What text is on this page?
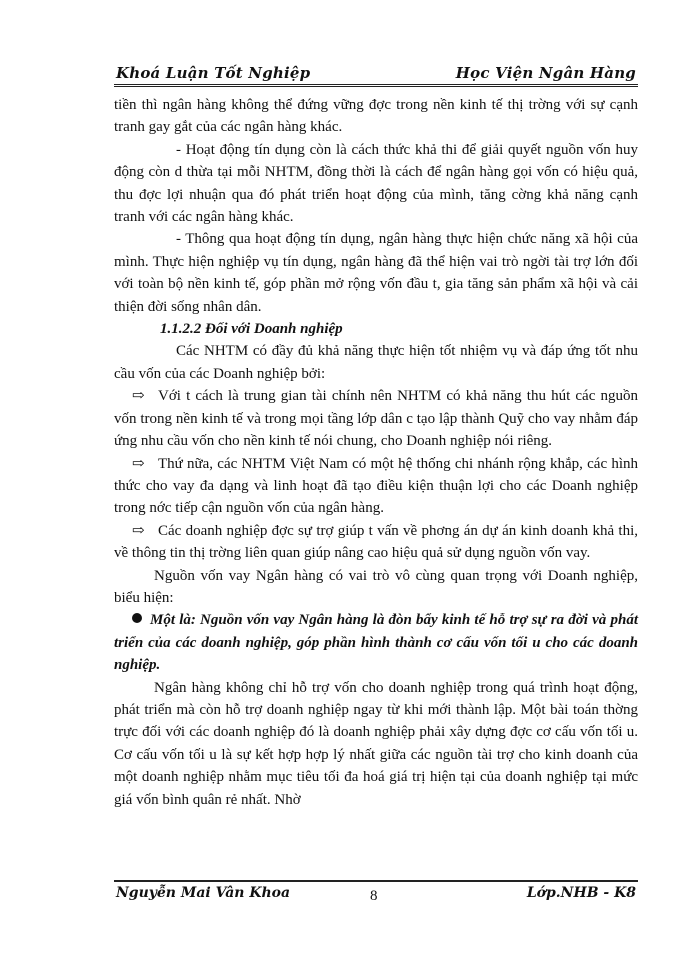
Khoá Luận Tốt Nghiệp	Học Viện Ngân Hàng

tiền thì ngân hàng không thể đứng vững đợc trong nền kinh tế thị trờng với sự cạnh tranh gay gắt của các ngân hàng khác.

- Hoạt động tín dụng còn là cách thức khả thi để giải quyết nguồn vốn huy động còn d thừa tại mỗi NHTM, đồng thời là cách để ngân hàng gọi vốn có hiệu quả, thu đợc lợi nhuận qua đó phát triển hoạt động của mình, tăng cờng khả năng cạnh tranh với các ngân hàng khác.

- Thông qua hoạt động tín dụng, ngân hàng thực hiện chức năng xã hội của mình. Thực hiện nghiệp vụ tín dụng, ngân hàng đã thể hiện vai trò ngời tài trợ lớn đối với toàn bộ nền kinh tế, góp phần mở rộng vốn đầu t, gia tăng sản phẩm xã hội và cải thiện đời sống nhân dân.

1.1.2.2 Đối với Doanh nghiệp

Các NHTM có đầy đủ khả năng thực hiện tốt nhiệm vụ và đáp ứng tốt nhu cầu vốn của các Doanh nghiệp bởi:

⇨ Với t cách là trung gian tài chính nên NHTM có khả năng thu hút các nguồn vốn trong nền kinh tế và trong mọi tầng lớp dân c tạo lập thành Quỹ cho vay nhằm đáp ứng nhu cầu vốn cho nền kinh tế nói chung, cho Doanh nghiệp nói riêng.

⇨ Thứ nữa, các NHTM Việt Nam có một hệ thống chi nhánh rộng khắp, các hình thức cho vay đa dạng và linh hoạt đã tạo điều kiện thuận lợi cho các Doanh nghiệp trong nớc tiếp cận nguồn vốn của ngân hàng.

⇨ Các doanh nghiệp đợc sự trợ giúp t vấn về phơng án dự án kinh doanh khả thi, về thông tin thị trờng liên quan giúp nâng cao hiệu quả sử dụng nguồn vốn vay.

Nguồn vốn vay Ngân hàng có vai trò vô cùng quan trọng với Doanh nghiệp, biểu hiện:

Một là: Nguồn vốn vay Ngân hàng là đòn bẩy kinh tế hỗ trợ sự ra đời và phát triển của các doanh nghiệp, góp phần hình thành cơ cấu vốn tối u cho các doanh nghiệp.

Ngân hàng không chỉ hỗ trợ vốn cho doanh nghiệp trong quá trình hoạt động, phát triển mà còn hỗ trợ doanh nghiệp ngay từ khi mới thành lập. Một bài toán thờng trực đối với các doanh nghiệp đó là doanh nghiệp phải xây dựng đợc cơ cấu vốn tối u. Cơ cấu vốn tối u là sự kết hợp hợp lý nhất giữa các nguồn tài trợ cho kinh doanh của một doanh nghiệp nhằm mục tiêu tối đa hoá giá trị hiện tại của doanh nghiệp tại mức giá vốn bình quân rẻ nhất. Nhờ

Nguyễn Mai Vân Khoa	8	Lớp.NHB - K8
